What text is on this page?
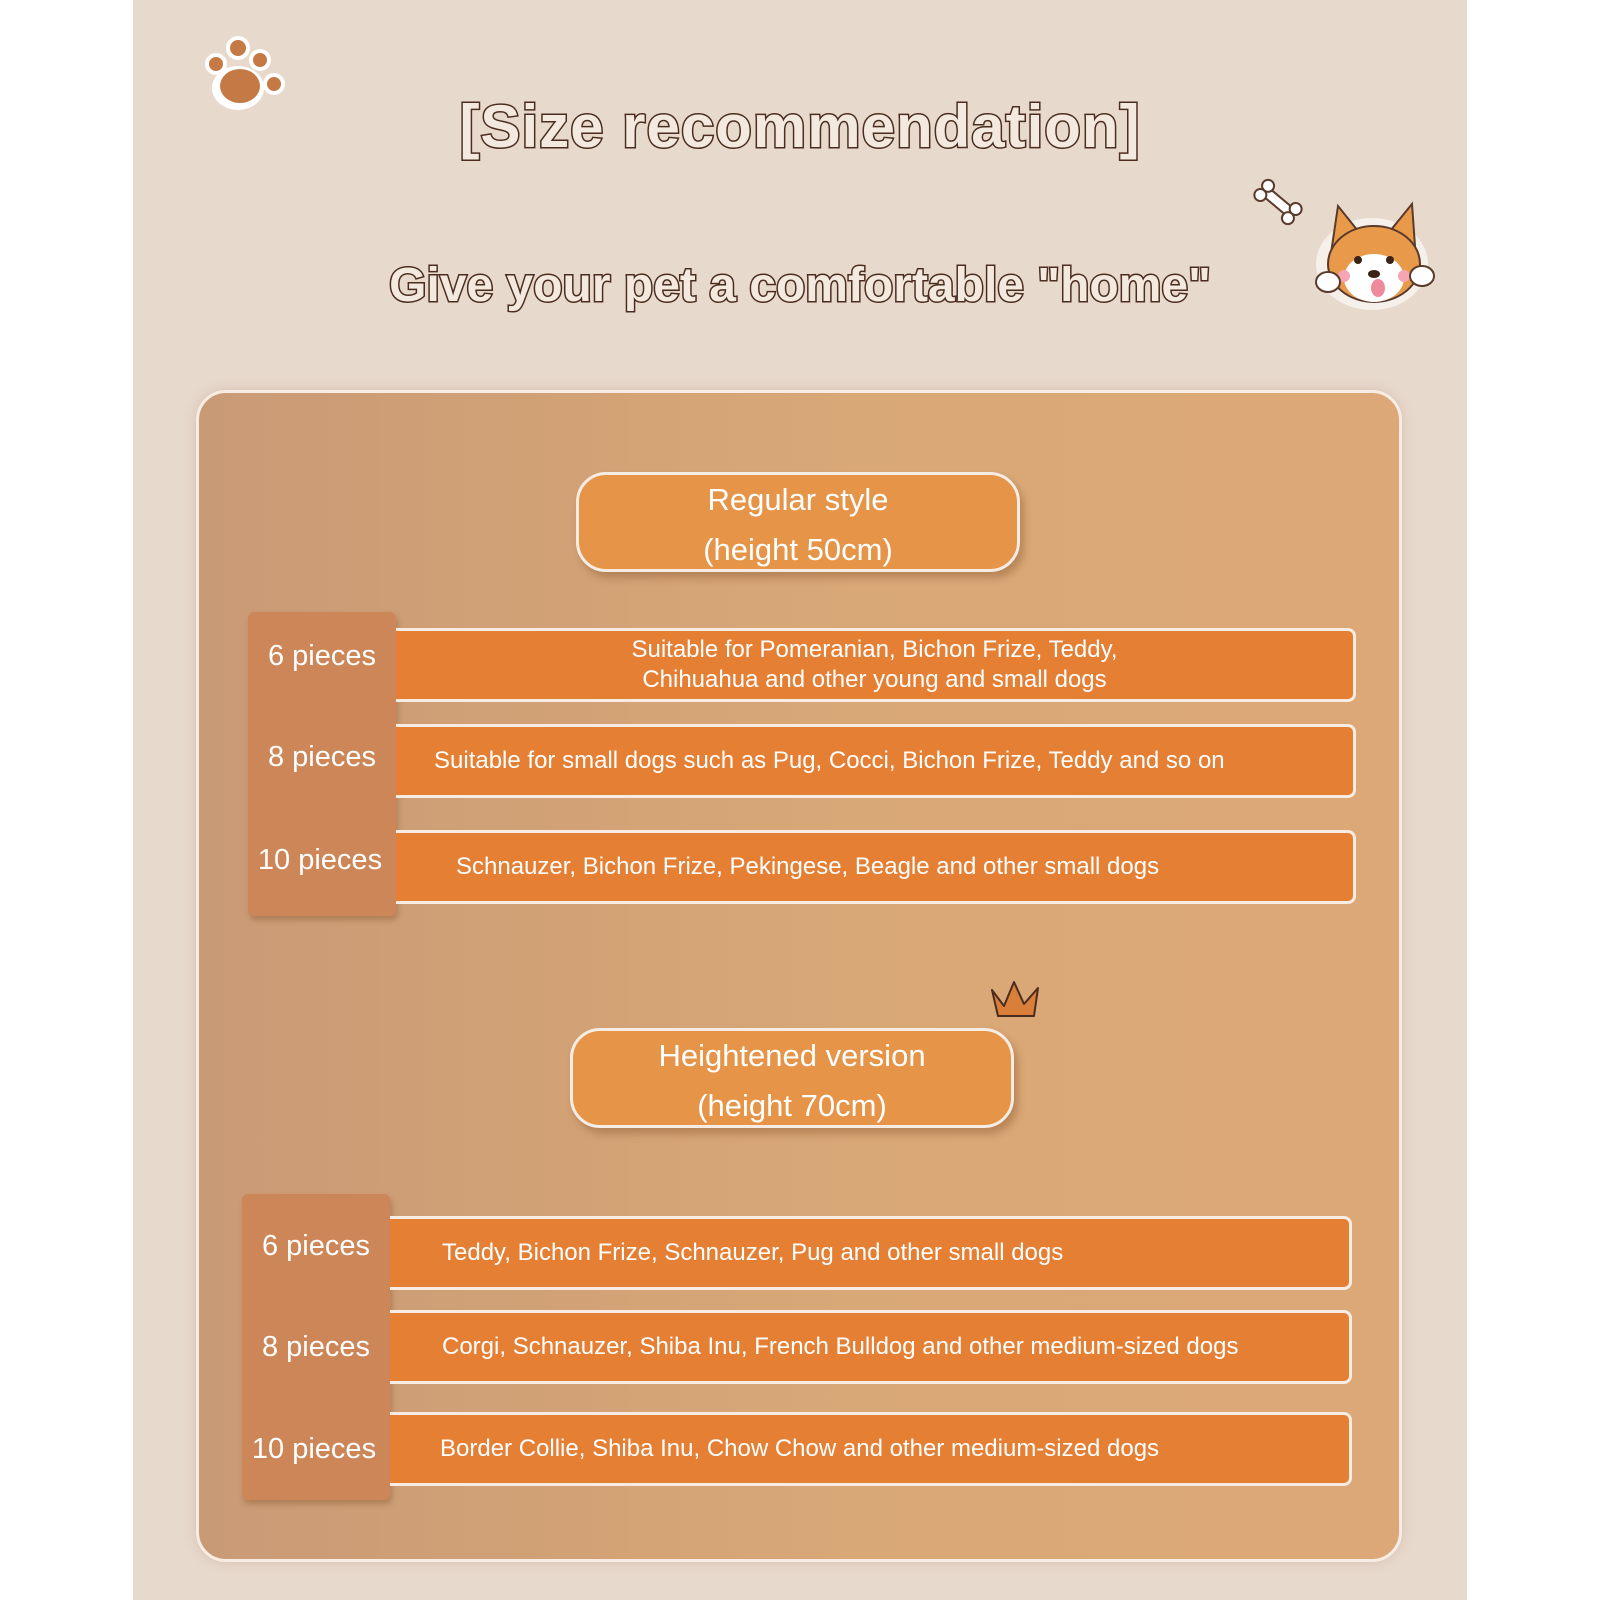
[Size recommendation]
Give your pet a comfortable "home"
Regular style
(height 50cm)
Suitable for Pomeranian, Bichon Frize, Teddy,
Chihuahua and other young and small dogs
Suitable for small dogs such as Pug, Cocci, Bichon Frize, Teddy and so on
Schnauzer, Bichon Frize, Pekingese, Beagle and other small dogs
6 pieces
8 pieces
10 pieces
Heightened version
(height 70cm)
Teddy, Bichon Frize, Schnauzer, Pug and other small dogs
Corgi, Schnauzer, Shiba Inu, French Bulldog and other medium-sized dogs
Border Collie, Shiba Inu, Chow Chow and other medium-sized dogs
6 pieces
8 pieces
10 pieces
